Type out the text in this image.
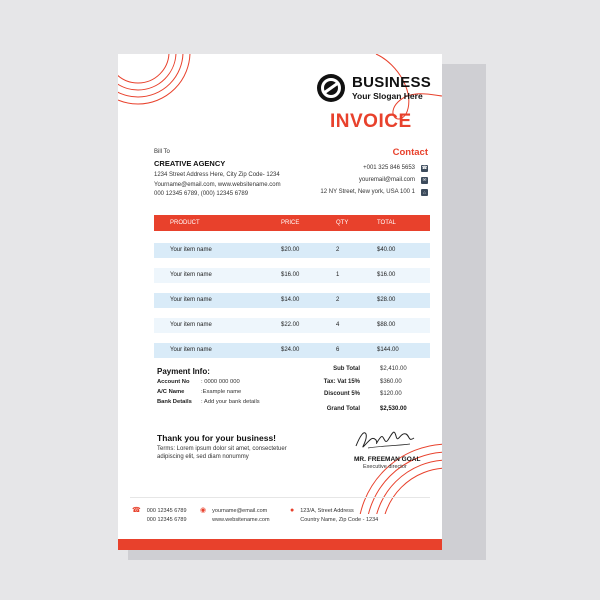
BUSINESS
Your Slogan Here
INVOICE
Bill To
CREATIVE AGENCY
1234 Street Address Here, City Zip Code- 1234
Yourname@email.com, www.websitename.com
000 12345 6789, (000) 12345 6789
Contact
+001 325 846 5653 ☎
youremail@mail.com	✉
12 NY Street, New york, USA 100 1	⌂
PRODUCT	PRICE	QTY	TOTAL
Your item name	$20.00	2	$40.00
Your item name	$16.00	1	$16.00
Your item name	$14.00	2	$28.00
Your item name	$22.00	4	$88.00
Your item name	$24.00	6	$144.00
Payment Info:
Account No	: 0000 000 000
A/C Name	:Example name
Bank Details	: Add your bank details
Sub Total	$2,410.00
Tax: Vat 15%	$360.00
Discount 5%	$120.00
Grand Total	$2,530.00
Thank you for your business!
Terms: Lorem ipsum dolor sit amet, consectetuer
adipiscing elit, sed diam nonummy	MR. FREEMAN GOAL
Executive director
☎ 000 12345 6789
000 12345 6789
◉ yourname@email.com
www.websitename.com
● 123/A, Street Address
Country Name, Zip Code - 1234
